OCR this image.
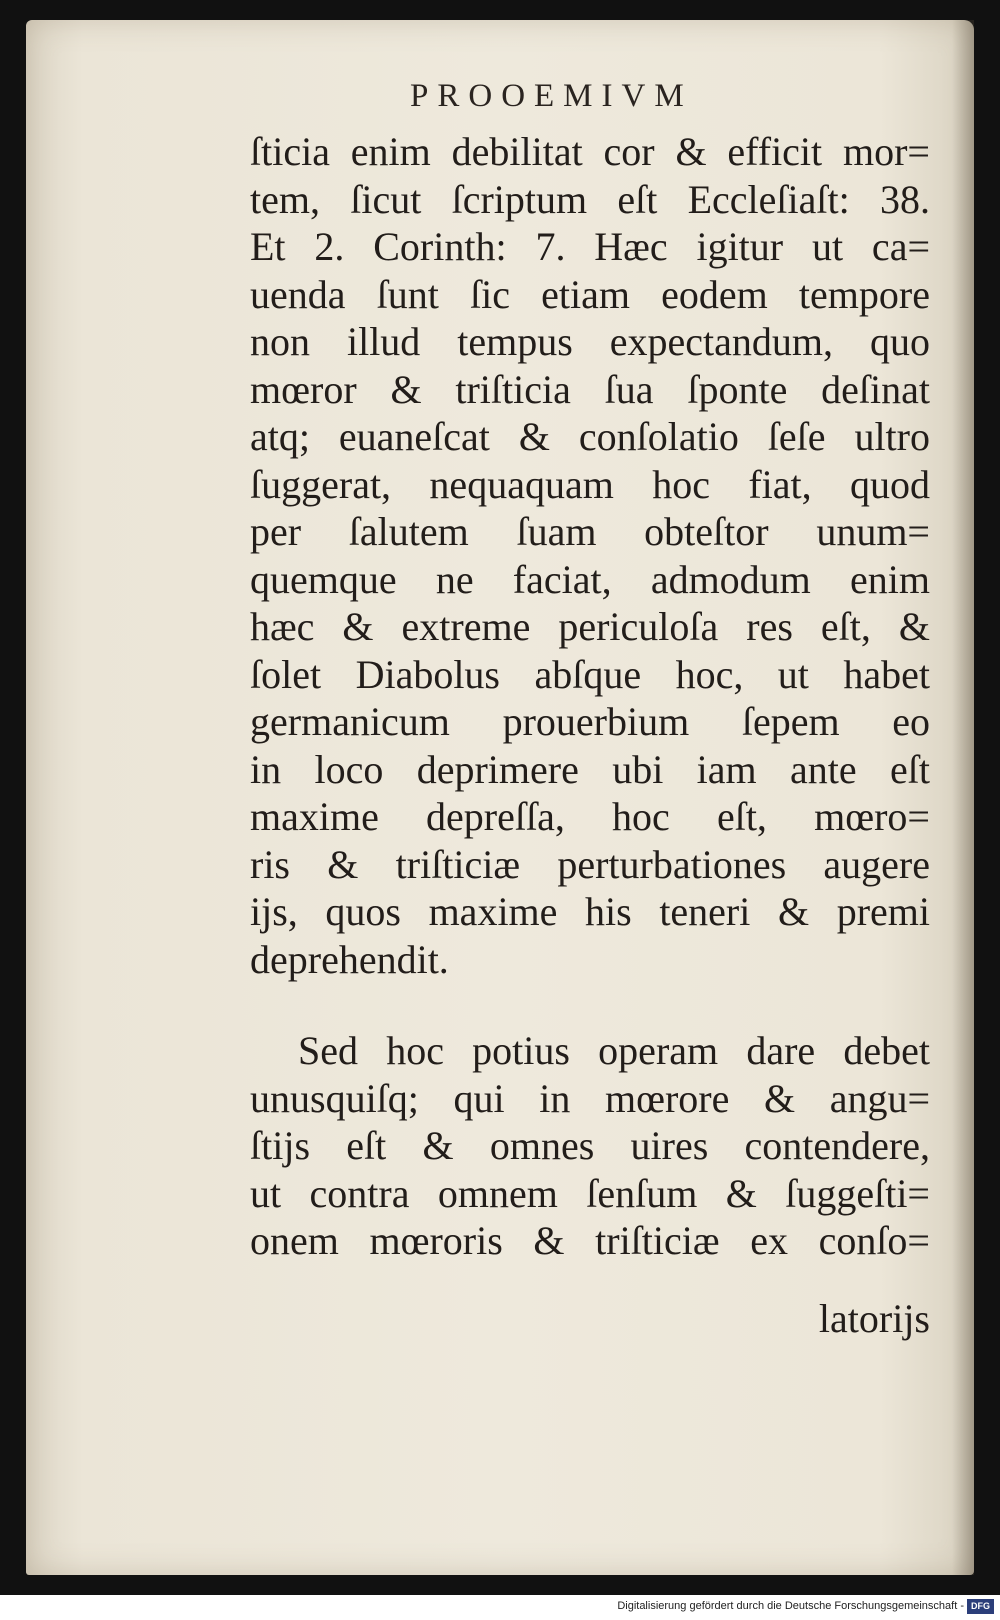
PROOEMIVM
ſticia enim debilitat cor & efficit mor=
tem, ſicut ſcriptum eſt Eccleſiaſt: 38.
Et 2. Corinth: 7. Hæc igitur ut ca=
uenda ſunt ſic etiam eodem tempore
non illud tempus expectandum, quo
mœror & triſticia ſua ſponte deſinat
atq; euaneſcat & conſolatio ſeſe ultro
ſuggerat, nequaquam hoc fiat, quod
per ſalutem ſuam obteſtor unum=
quemque ne faciat, admodum enim
hæc & extreme periculoſa res eſt, &
ſolet Diabolus abſque hoc, ut habet
germanicum prouerbium ſepem eo
in loco deprimere ubi iam ante eſt
maxime depreſſa, hoc eſt, mœro=
ris & triſticiæ perturbationes augere
ijs, quos maxime his teneri & premi
deprehendit.
Sed hoc potius operam dare debet
unusquiſq; qui in mœrore & angu=
ſtijs eſt & omnes uires contendere,
ut contra omnem ſenſum & ſuggeſti=
onem mœroris & triſticiæ ex conſo=
latorijs
Digitalisierung gefördert durch die Deutsche Forschungsgemeinschaft - DFG
